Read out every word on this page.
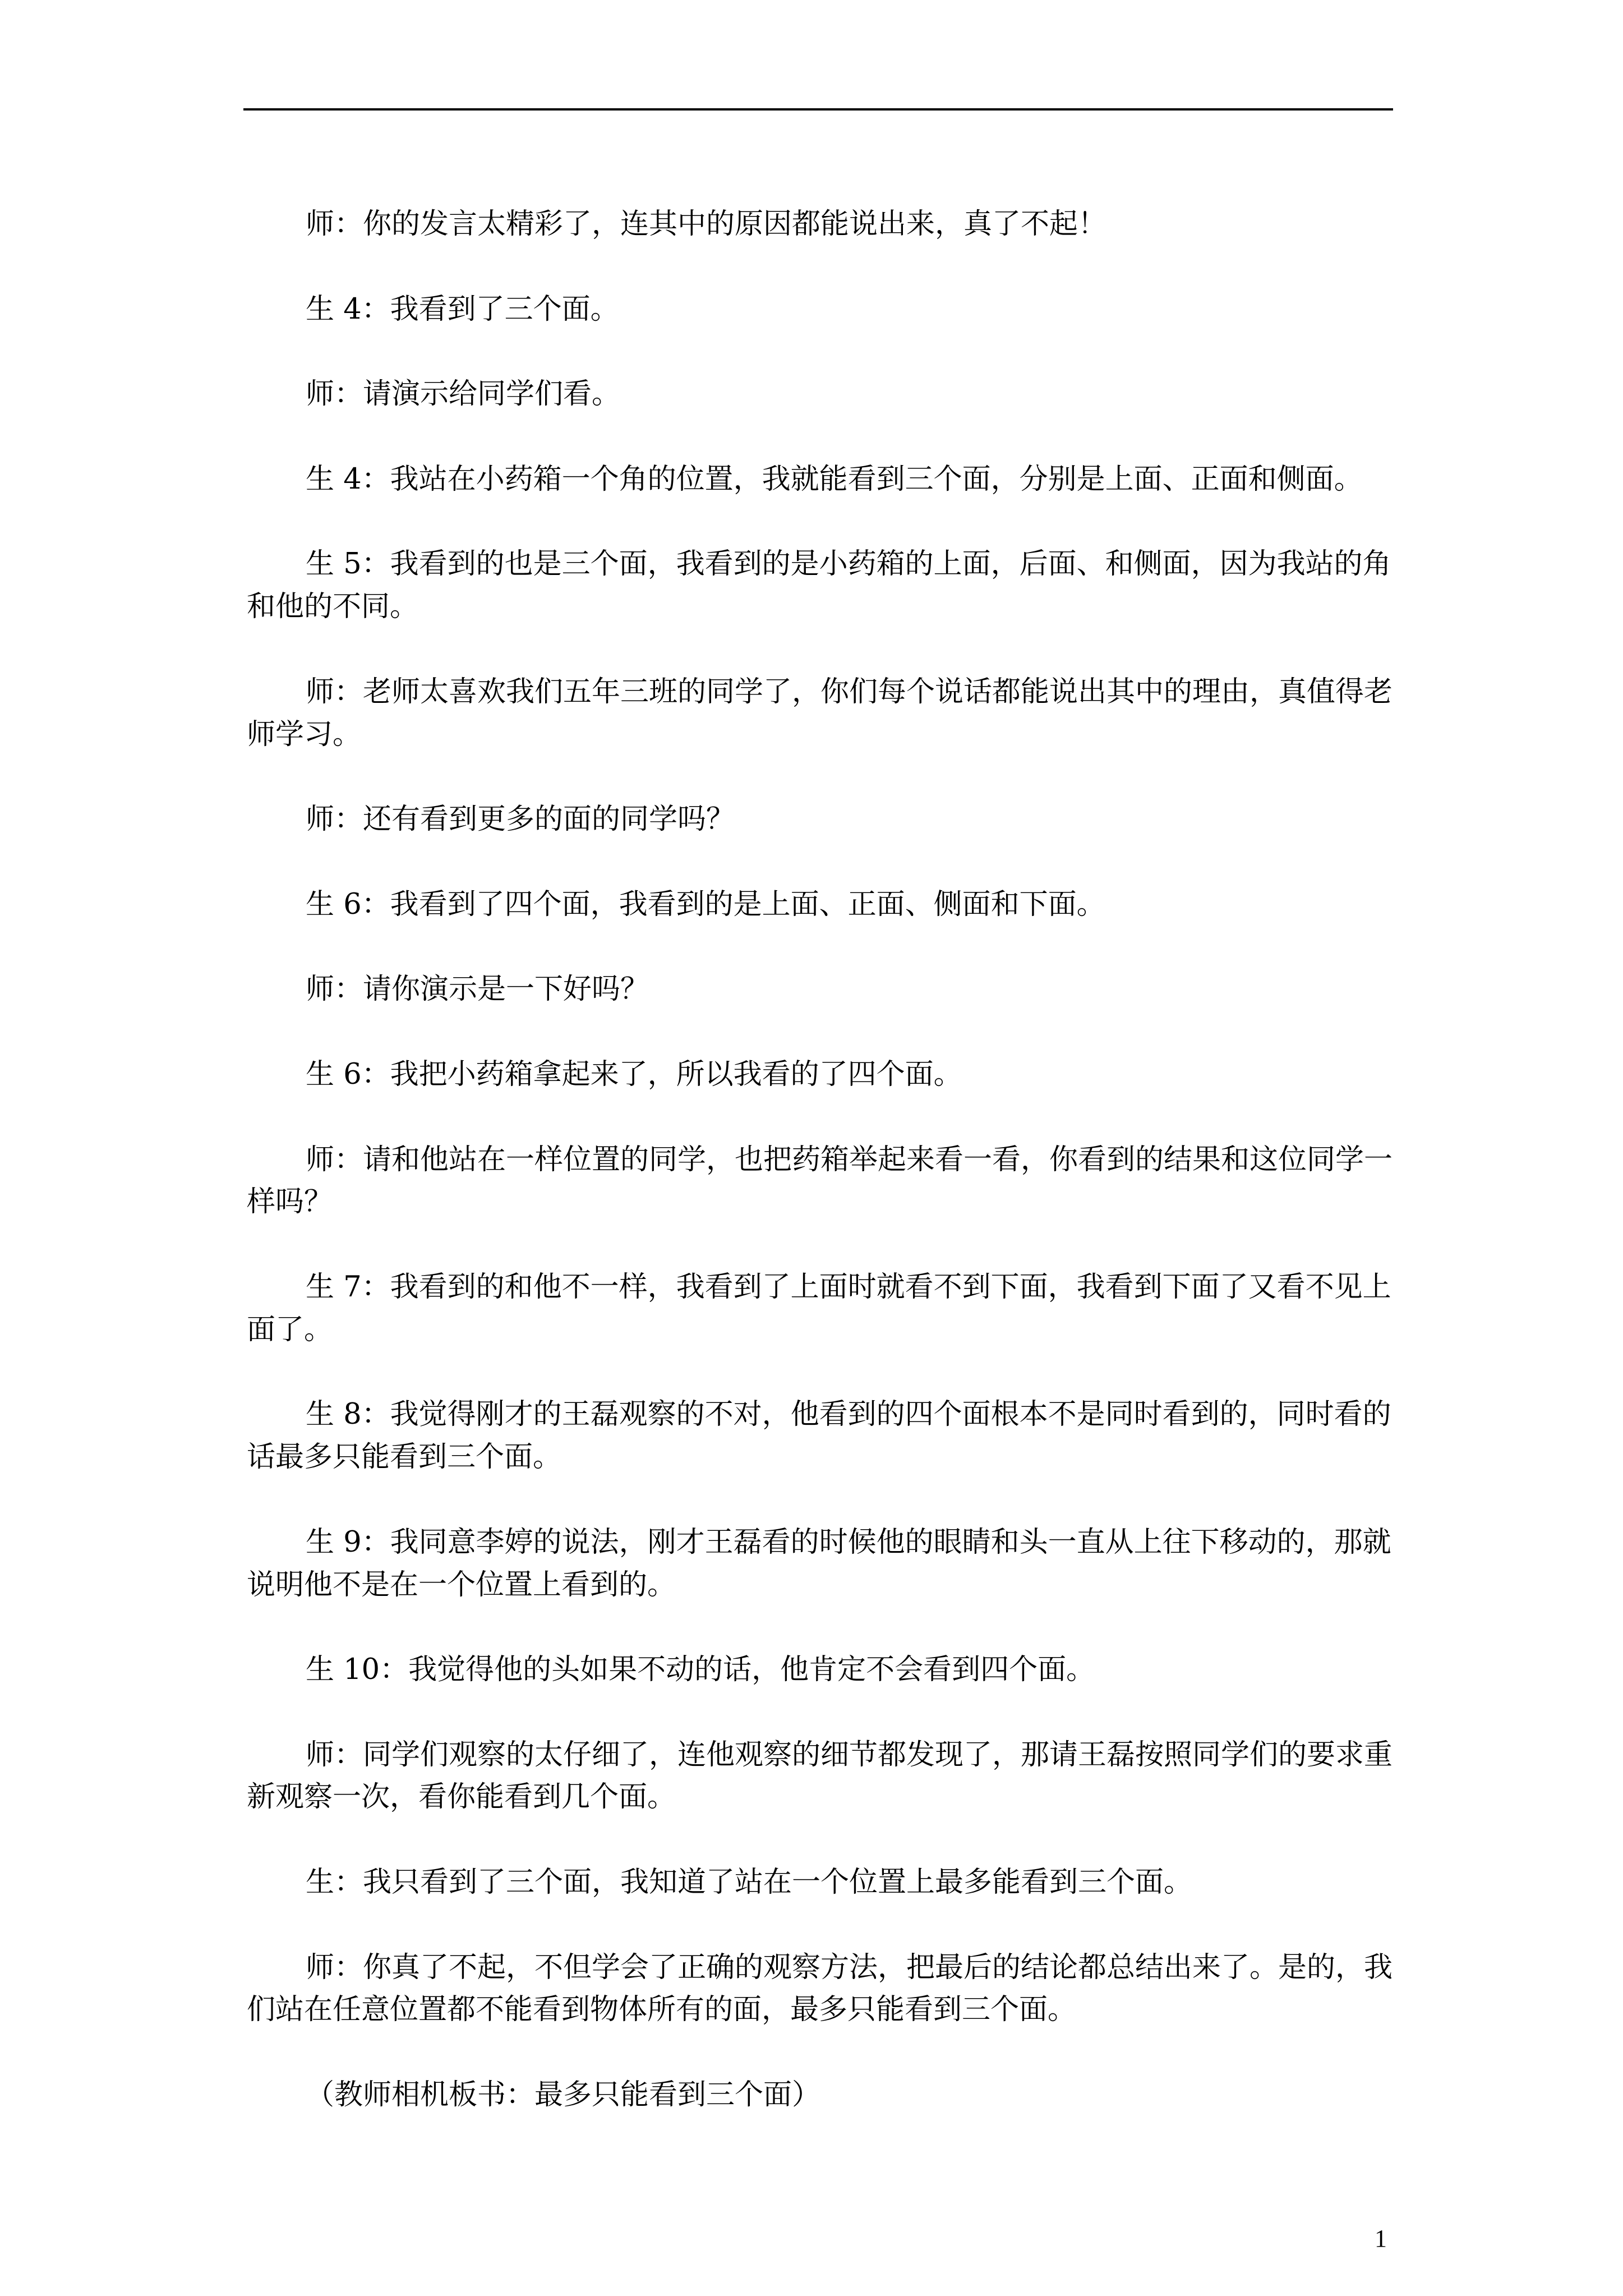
师：你的发言太精彩了，连其中的原因都能说出来，真了不起！
生 4：我看到了三个面。
师：请演示给同学们看。
生 4：我站在小药箱一个角的位置，我就能看到三个面，分别是上面、正面和侧面。
生 5：我看到的也是三个面，我看到的是小药箱的上面，后面、和侧面，因为我站的角
和他的不同。
师：老师太喜欢我们五年三班的同学了，你们每个说话都能说出其中的理由，真值得老
师学习。
师：还有看到更多的面的同学吗？
生 6：我看到了四个面，我看到的是上面、正面、侧面和下面。
师：请你演示是一下好吗？
生 6：我把小药箱拿起来了，所以我看的了四个面。
师：请和他站在一样位置的同学，也把药箱举起来看一看，你看到的结果和这位同学一
样吗？
生 7：我看到的和他不一样，我看到了上面时就看不到下面，我看到下面了又看不见上
面了。
生 8：我觉得刚才的王磊观察的不对，他看到的四个面根本不是同时看到的，同时看的
话最多只能看到三个面。
生 9：我同意李婷的说法，刚才王磊看的时候他的眼睛和头一直从上往下移动的，那就
说明他不是在一个位置上看到的。
生 10：我觉得他的头如果不动的话，他肯定不会看到四个面。
师：同学们观察的太仔细了，连他观察的细节都发现了，那请王磊按照同学们的要求重
新观察一次，看你能看到几个面。
生：我只看到了三个面，我知道了站在一个位置上最多能看到三个面。
师：你真了不起，不但学会了正确的观察方法，把最后的结论都总结出来了。是的，我
们站在任意位置都不能看到物体所有的面，最多只能看到三个面。
（教师相机板书：最多只能看到三个面）
1
